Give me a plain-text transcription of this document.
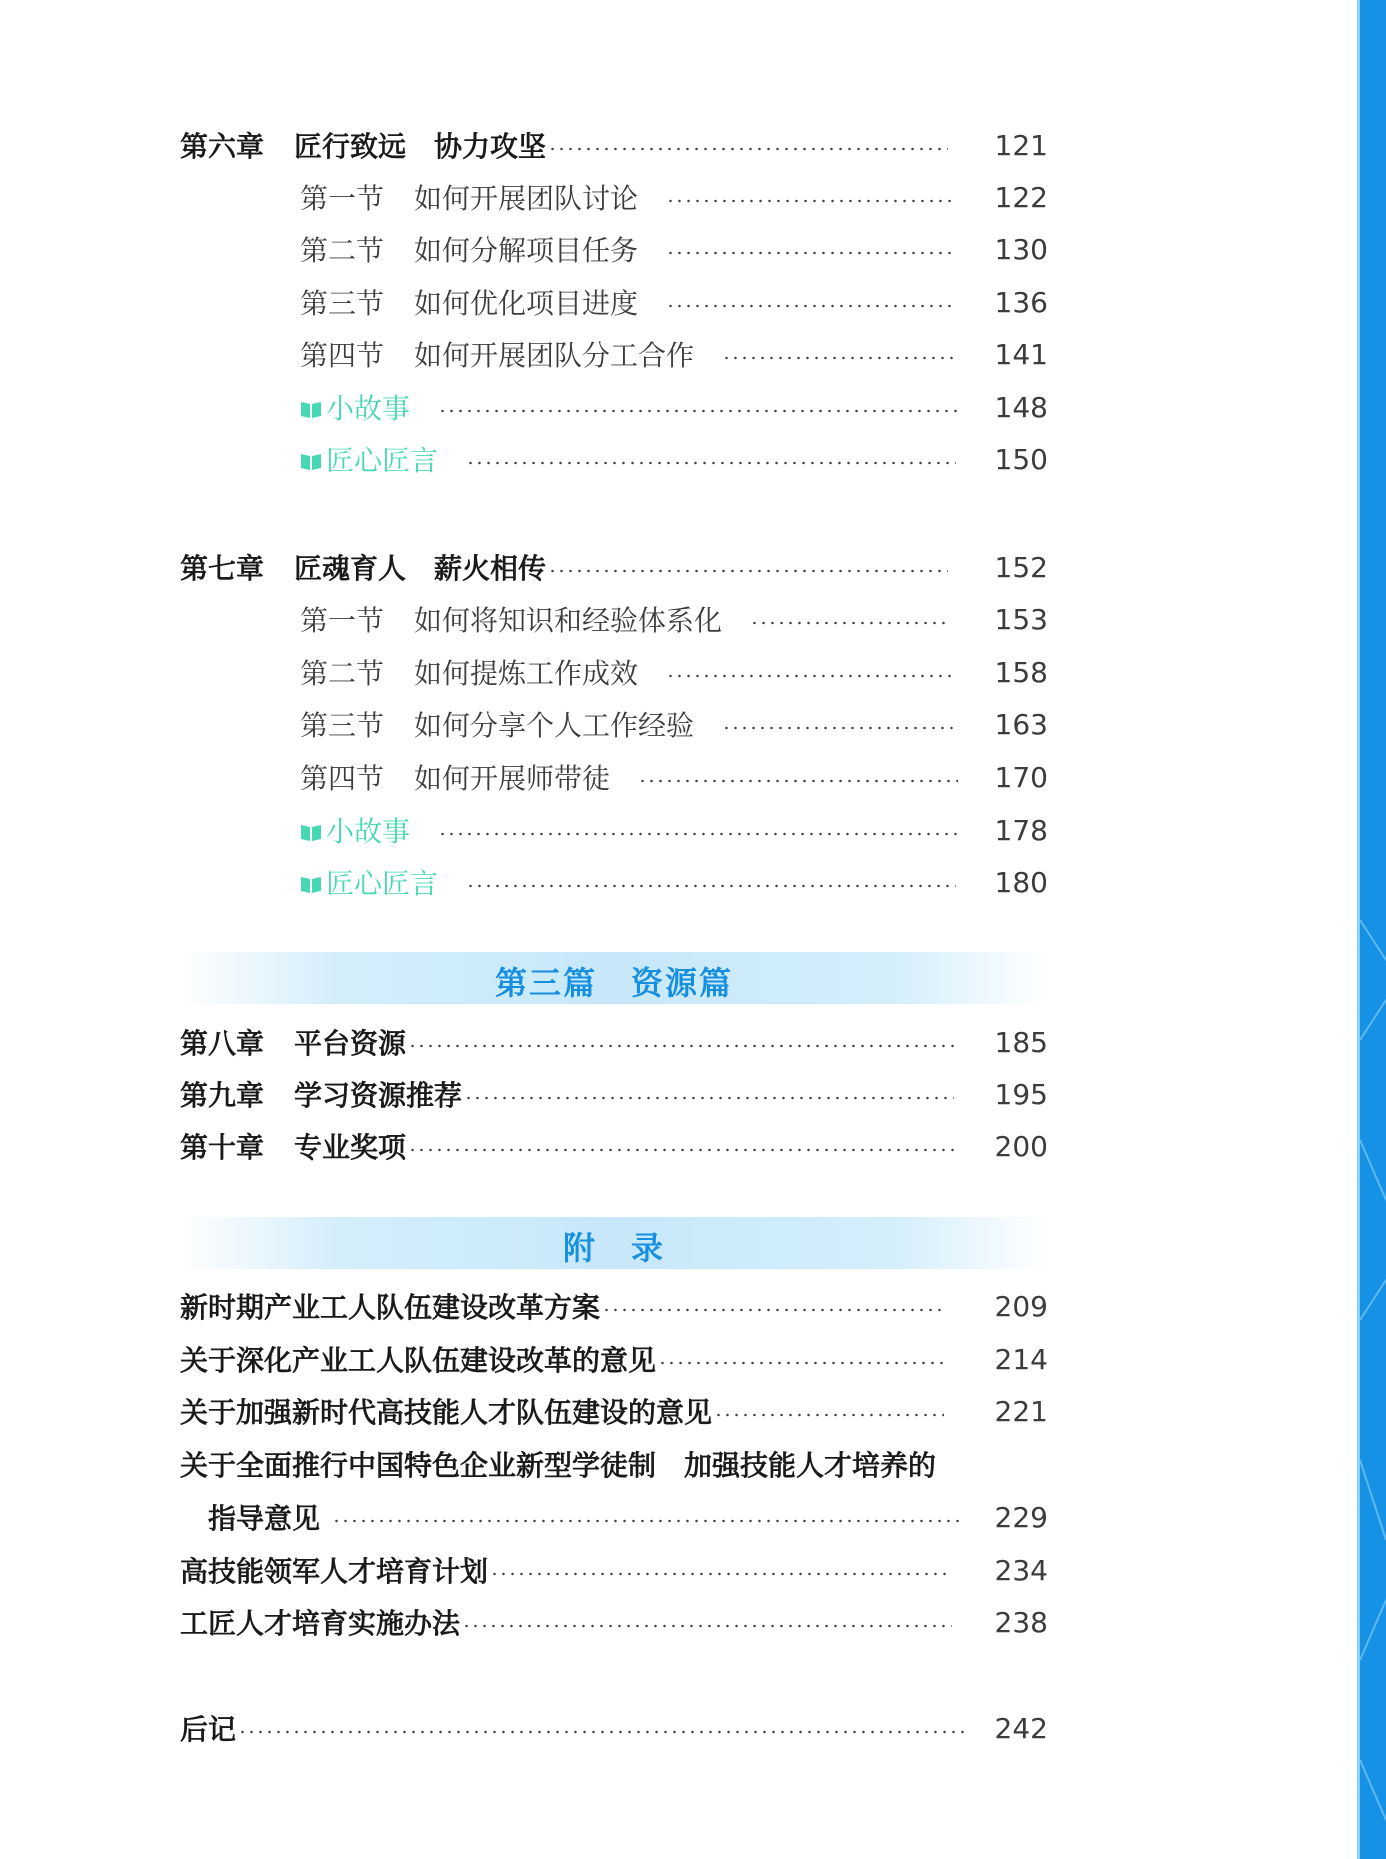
第六章 匠行致远　协力攻坚	121
第一节 如何开展团队讨论	122
第二节 如何分解项目任务	130
第三节 如何优化项目进度	136
第四节 如何开展团队分工合作	141
小故事	148
匠心匠言	150
第七章 匠魂育人　薪火相传	152
第一节 如何将知识和经验体系化	153
第二节 如何提炼工作成效	158
第三节 如何分享个人工作经验	163
第四节 如何开展师带徒	170
小故事	178
匠心匠言	180
第三篇　资源篇
第八章 平台资源	185
第九章 学习资源推荐	195
第十章 专业奖项	200
附　录
新时期产业工人队伍建设改革方案	209
关于深化产业工人队伍建设改革的意见	214
关于加强新时代高技能人才队伍建设的意见	221
关于全面推行中国特色企业新型学徒制　加强技能人才培养的
指导意见	229
高技能领军人才培育计划	234
工匠人才培育实施办法	238
后记	242
